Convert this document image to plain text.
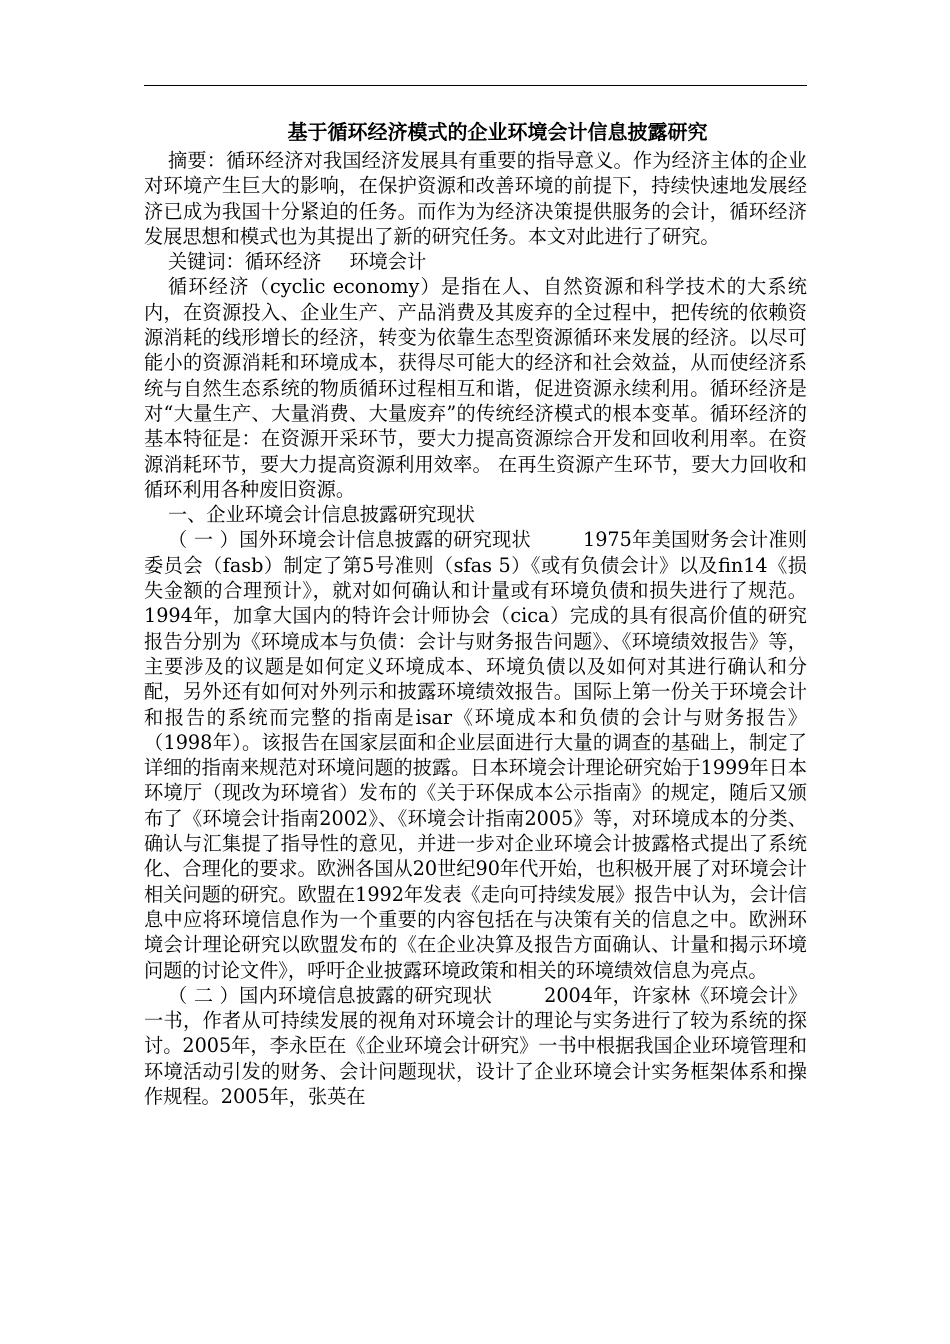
基于循环经济模式的企业环境会计信息披露研究

摘要：循环经济对我国经济发展具有重要的指导意义。作为经济主体的企业对环境产生巨大的影响，在保护资源和改善环境的前提下，持续快速地发展经济已成为我国十分紧迫的任务。而作为为经济决策提供服务的会计，循环经济发展思想和模式也为其提出了新的研究任务。本文对此进行了研究。

关键词：循环经济 环境会计

循环经济（cyclic economy）是指在人、自然资源和科学技术的大系统内，在资源投入、企业生产、产品消费及其废弃的全过程中，把传统的依赖资源消耗的线形增长的经济，转变为依靠生态型资源循环来发展的经济。以尽可能小的资源消耗和环境成本，获得尽可能大的经济和社会效益，从而使经济系统与自然生态系统的物质循环过程相互和谐，促进资源永续利用。循环经济是对“大量生产、大量消费、大量废弃”的传统经济模式的根本变革。循环经济的基本特征是：在资源开采环节，要大力提高资源综合开发和回收利用率。在资源消耗环节，要大力提高资源利用效率。 在再生资源产生环节，要大力回收和循环利用各种废旧资源。

一、企业环境会计信息披露研究现状

（ 一 ）国外环境会计信息披露的研究现状	1975年美国财务会计准则委员会（fasb）制定了第5号准则（sfas 5）《或有负债会计》以及fin14《损失金额的合理预计》，就对如何确认和计量或有环境负债和损失进行了规范。1994年，加拿大国内的特许会计师协会（cica）完成的具有很高价值的研究报告分别为《环境成本与负债：会计与财务报告问题》、《环境绩效报告》等，主要涉及的议题是如何定义环境成本、环境负债以及如何对其进行确认和分配，另外还有如何对外列示和披露环境绩效报告。国际上第一份关于环境会计和报告的系统而完整的指南是isar《环境成本和负债的会计与财务报告》（1998年）。该报告在国家层面和企业层面进行大量的调查的基础上，制定了详细的指南来规范对环境问题的披露。日本环境会计理论研究始于1999年日本环境厅（现改为环境省）发布的《关于环保成本公示指南》的规定，随后又颁布了《环境会计指南2002》、《环境会计指南2005》等，对环境成本的分类、确认与汇集提了指导性的意见，并进一步对企业环境会计披露格式提出了系统化、合理化的要求。欧洲各国从20世纪90年代开始，也积极开展了对环境会计相关问题的研究。欧盟在1992年发表《走向可持续发展》报告中认为，会计信息中应将环境信息作为一个重要的内容包括在与决策有关的信息之中。欧洲环境会计理论研究以欧盟发布的《在企业决算及报告方面确认、计量和揭示环境问题的讨论文件》，呼吁企业披露环境政策和相关的环境绩效信息为亮点。

（ 二 ）国内环境信息披露的研究现状	2004年，许家林《环境会计》一书，作者从可持续发展的视角对环境会计的理论与实务进行了较为系统的探讨。2005年，李永臣在《企业环境会计研究》一书中根据我国企业环境管理和环境活动引发的财务、会计问题现状，设计了企业环境会计实务框架体系和操作规程。2005年，张英在
